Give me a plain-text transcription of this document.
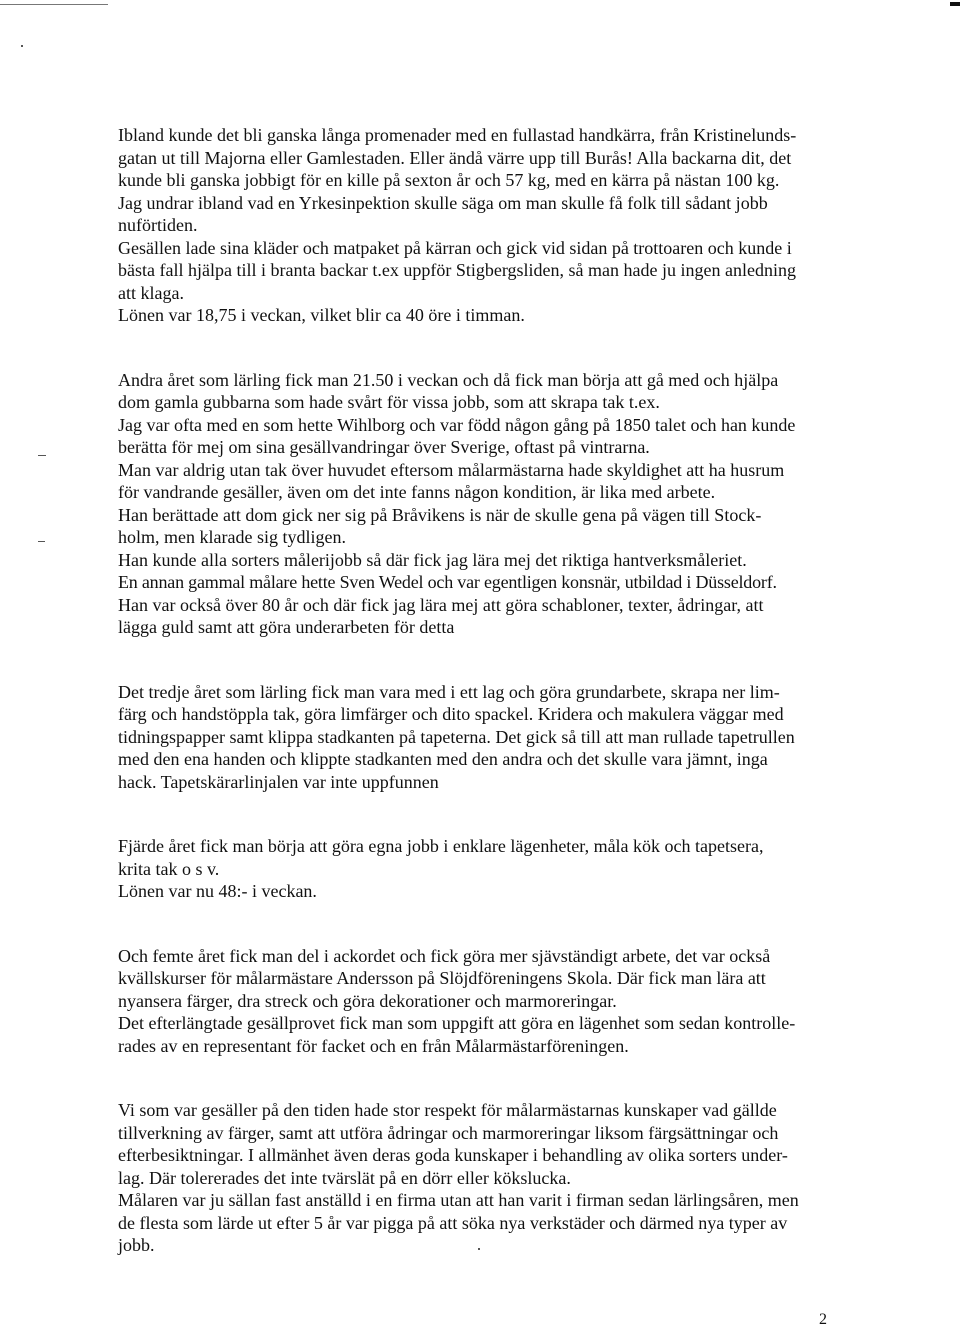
Ibland kunde det bli ganska långa promenader med en fullastad handkärra, från Kristinelunds-
gatan ut till Majorna eller Gamlestaden. Eller ändå värre upp till Burås! Alla backarna dit, det
kunde bli ganska jobbigt för en kille på sexton år och 57 kg, med en kärra på nästan 100 kg.
Jag undrar ibland vad en Yrkesinpektion skulle säga om man skulle få folk till sådant jobb
nuförtiden.
Gesällen lade sina kläder och matpaket på kärran och gick vid sidan på trottoaren och kunde i
bästa fall hjälpa till i branta backar t.ex uppför Stigbergsliden, så man hade ju ingen anledning
att klaga.
Lönen var 18,75 i veckan, vilket blir ca 40 öre i timman.
Andra året som lärling fick man 21.50 i veckan och då fick man börja att gå med och hjälpa
dom gamla gubbarna som hade svårt för vissa jobb, som att skrapa tak t.ex.
Jag var ofta med en som hette Wihlborg och var född någon gång på 1850 talet och han kunde
berätta för mej om sina gesällvandringar över Sverige, oftast på vintrarna.
Man var aldrig utan tak över huvudet eftersom målarmästarna hade skyldighet att ha husrum
för vandrande gesäller, även om det inte fanns någon kondition, är lika med arbete.
Han berättade att dom gick ner sig på Bråvikens is när de skulle gena på vägen till Stock-
holm, men klarade sig tydligen.
Han kunde alla sorters målerijobb så där fick jag lära mej det riktiga hantverksmåleriet.
En annan gammal målare hette Sven Wedel och var egentligen konsnär, utbildad i Düsseldorf.
Han var också över 80 år och där fick jag lära mej att göra schabloner, texter, ådringar, att
lägga guld samt att göra underarbeten för detta
Det tredje året som lärling fick man vara med i ett lag och göra grundarbete, skrapa ner lim-
färg och handstöppla tak, göra limfärger och dito spackel. Kridera och makulera väggar med
tidningspapper samt klippa stadkanten på tapeterna. Det gick så till att man rullade tapetrullen
med den ena handen och klippte stadkanten med den andra och det skulle vara jämnt, inga
hack. Tapetskärarlinjalen var inte uppfunnen
Fjärde året fick man börja att göra egna jobb i enklare lägenheter, måla kök och tapetsera,
krita tak o s v.
Lönen var nu 48:- i veckan.
Och femte året fick man del i ackordet och fick göra mer sjävständigt arbete, det var också
kvällskurser för målarmästare Andersson på Slöjdföreningens Skola. Där fick man lära att
nyansera färger, dra streck och göra dekorationer och marmoreringar.
Det efterlängtade gesällprovet fick man som uppgift att göra en lägenhet som sedan kontrolle-
rades av en representant för facket och en från Målarmästarföreningen.
Vi som var gesäller på den tiden hade stor respekt för målarmästarnas kunskaper vad gällde
tillverkning av färger, samt att utföra ådringar och marmoreringar liksom färgsättningar och
efterbesiktningar. I allmänhet även deras goda kunskaper i behandling av olika sorters under-
lag. Där tolererades det inte tvärslät på en dörr eller kökslucka.
Målaren var ju sällan fast anställd i en firma utan att han varit i firman sedan lärlingsåren, men
de flesta som lärde ut efter 5 år var pigga på att söka nya verkstäder och därmed nya typer av
jobb.
2
